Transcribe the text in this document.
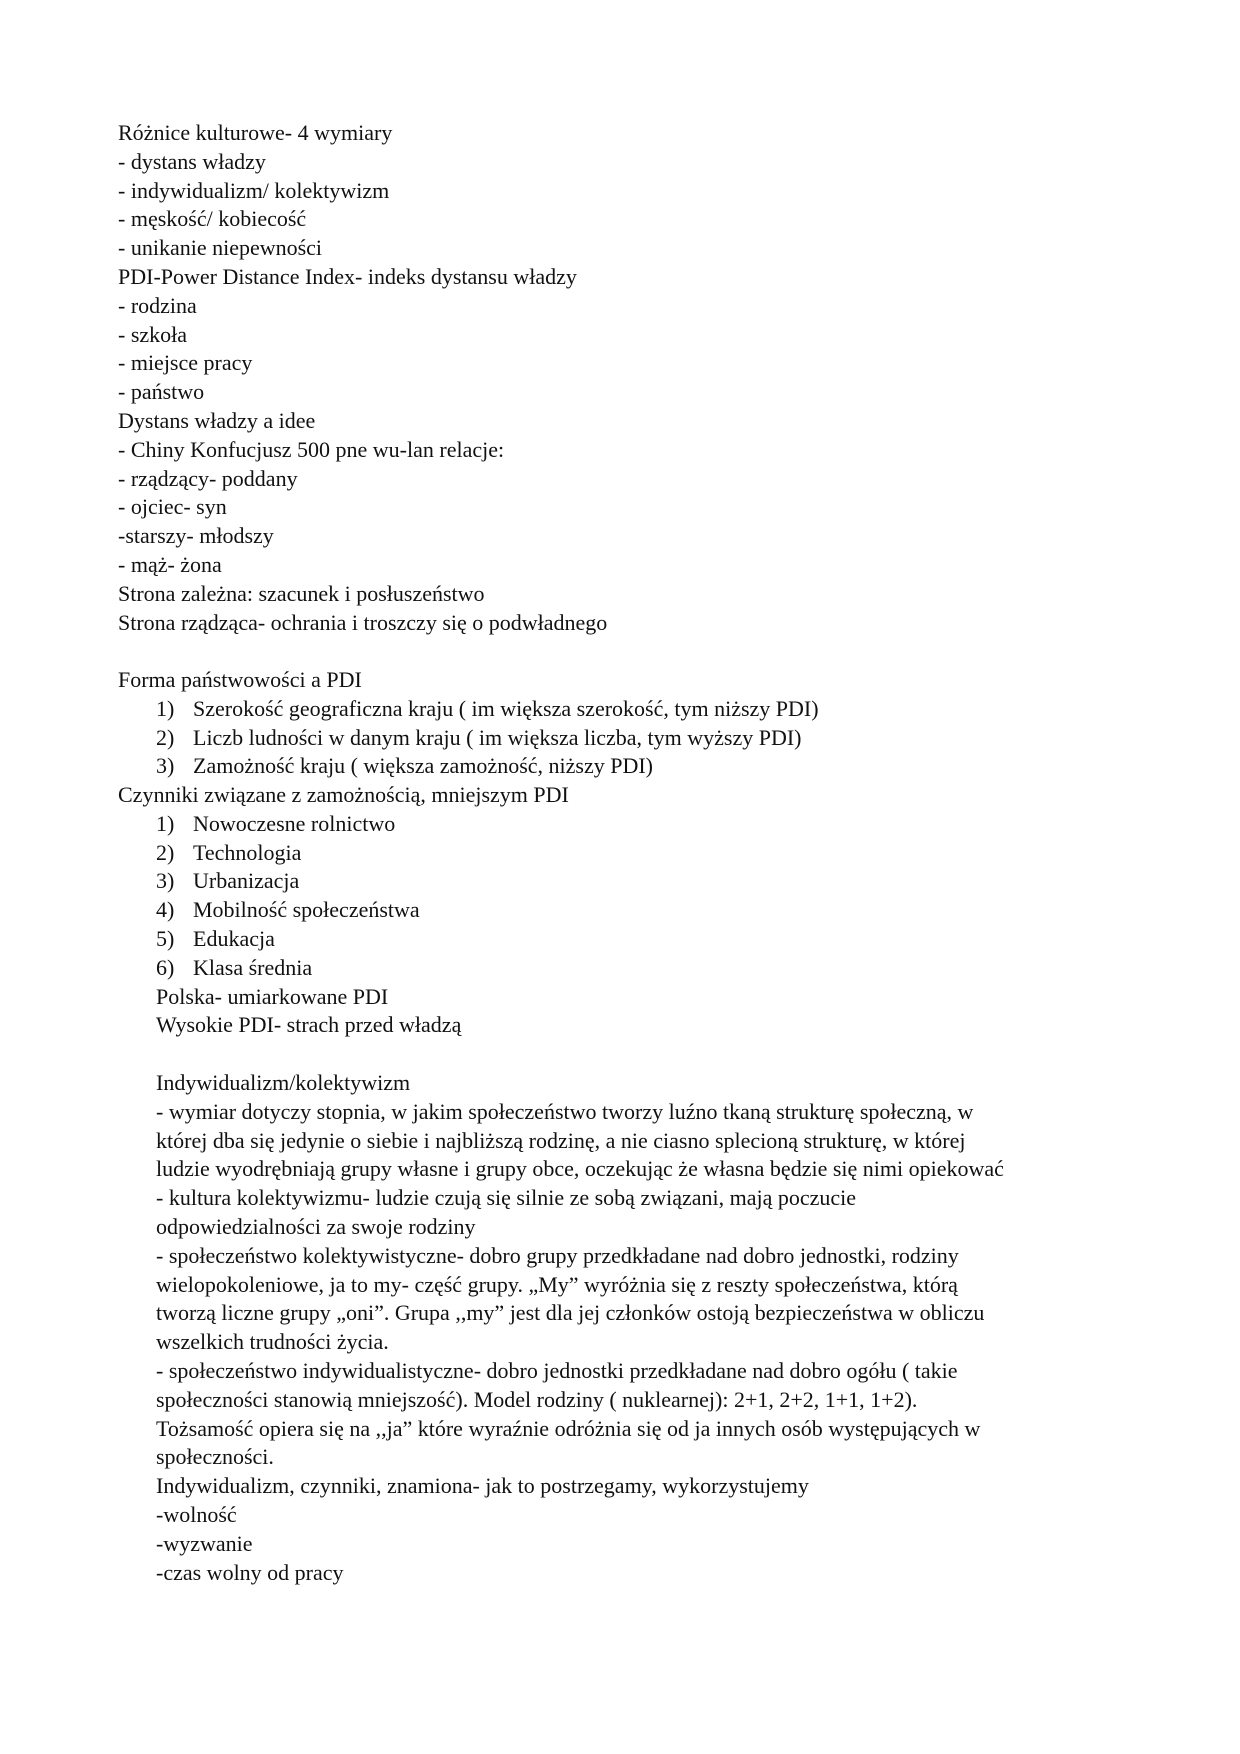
Różnice kulturowe- 4 wymiary
- dystans władzy
- indywidualizm/ kolektywizm
- męskość/ kobiecość
- unikanie niepewności
PDI-Power Distance Index- indeks dystansu władzy
- rodzina
- szkoła
- miejsce pracy
- państwo
Dystans władzy a idee
- Chiny Konfucjusz 500 pne wu-lan relacje:
- rządzący- poddany
- ojciec- syn
-starszy- młodszy
- mąż- żona
Strona zależna: szacunek i posłuszeństwo
Strona rządząca- ochrania i troszczy się o podwładnego
Forma państwowości a PDI
1) Szerokość geograficzna kraju ( im większa szerokość, tym niższy PDI)
2) Liczb ludności w danym kraju ( im większa liczba, tym wyższy PDI)
3) Zamożność kraju ( większa zamożność, niższy PDI)
Czynniki związane z zamożnością, mniejszym PDI
1) Nowoczesne rolnictwo
2) Technologia
3) Urbanizacja
4) Mobilność społeczeństwa
5) Edukacja
6) Klasa średnia
Polska- umiarkowane PDI
Wysokie PDI- strach przed władzą
Indywidualizm/kolektywizm
- wymiar dotyczy stopnia, w jakim społeczeństwo tworzy luźno tkaną strukturę społeczną, w
której dba się jedynie o siebie i najbliższą rodzinę, a nie ciasno splecioną strukturę, w której
ludzie wyodrębniają grupy własne i grupy obce, oczekując że własna będzie się nimi opiekować
- kultura kolektywizmu- ludzie czują się silnie ze sobą związani, mają poczucie
odpowiedzialności za swoje rodziny
- społeczeństwo kolektywistyczne- dobro grupy przedkładane nad dobro jednostki, rodziny
wielopokoleniowe, ja to my- część grupy. „My” wyróżnia się z reszty społeczeństwa, którą
tworzą liczne grupy „oni”. Grupa ,,my” jest dla jej członków ostoją bezpieczeństwa w obliczu
wszelkich trudności życia.
- społeczeństwo indywidualistyczne- dobro jednostki przedkładane nad dobro ogółu ( takie
społeczności stanowią mniejszość). Model rodziny ( nuklearnej): 2+1, 2+2, 1+1, 1+2).
Tożsamość opiera się na ,,ja” które wyraźnie odróżnia się od ja innych osób występujących w
społeczności.
Indywidualizm, czynniki, znamiona- jak to postrzegamy, wykorzystujemy
-wolność
-wyzwanie
-czas wolny od pracy
